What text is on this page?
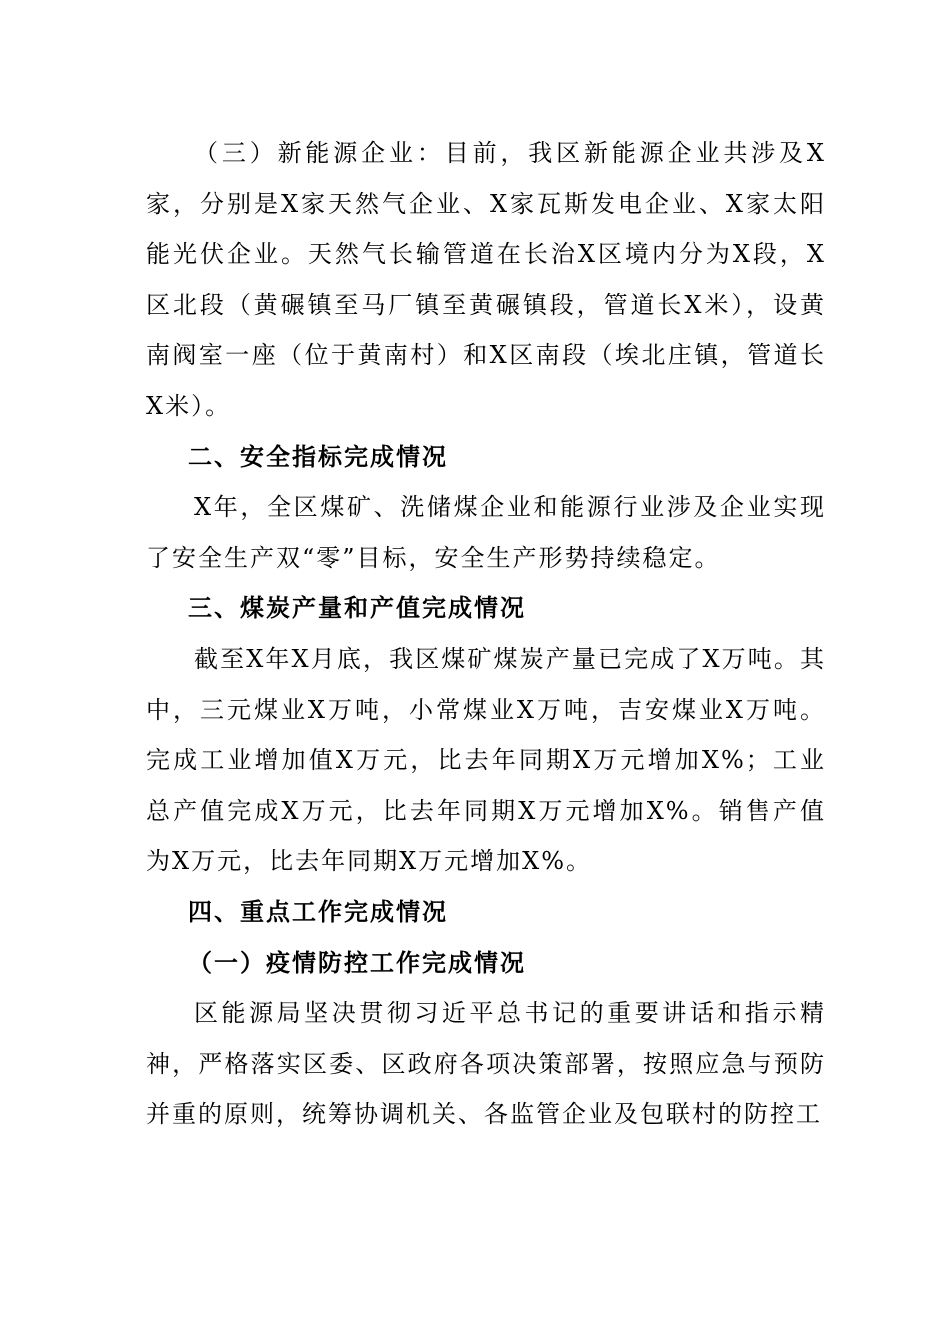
（三）新能源企业：目前，我区新能源企业共涉及X家，分别是X家天然气企业、X家瓦斯发电企业、X家太阳能光伏企业。天然气长输管道在长治X区境内分为X段，X区北段（黄碾镇至马厂镇至黄碾镇段，管道长X米），设黄南阀室一座（位于黄南村）和X区南段（埃北庄镇，管道长X米）。

二、安全指标完成情况

X年，全区煤矿、洗储煤企业和能源行业涉及企业实现了安全生产双“零”目标，安全生产形势持续稳定。

三、煤炭产量和产值完成情况

截至X年X月底，我区煤矿煤炭产量已完成了X万吨。其中，三元煤业X万吨，小常煤业X万吨，吉安煤业X万吨。完成工业增加值X万元，比去年同期X万元增加X%；工业总产值完成X万元，比去年同期X万元增加X%。销售产值为X万元，比去年同期X万元增加X%。

四、重点工作完成情况
（一）疫情防控工作完成情况

区能源局坚决贯彻习近平总书记的重要讲话和指示精神，严格落实区委、区政府各项决策部署，按照应急与预防并重的原则，统筹协调机关、各监管企业及包联村的防控工
